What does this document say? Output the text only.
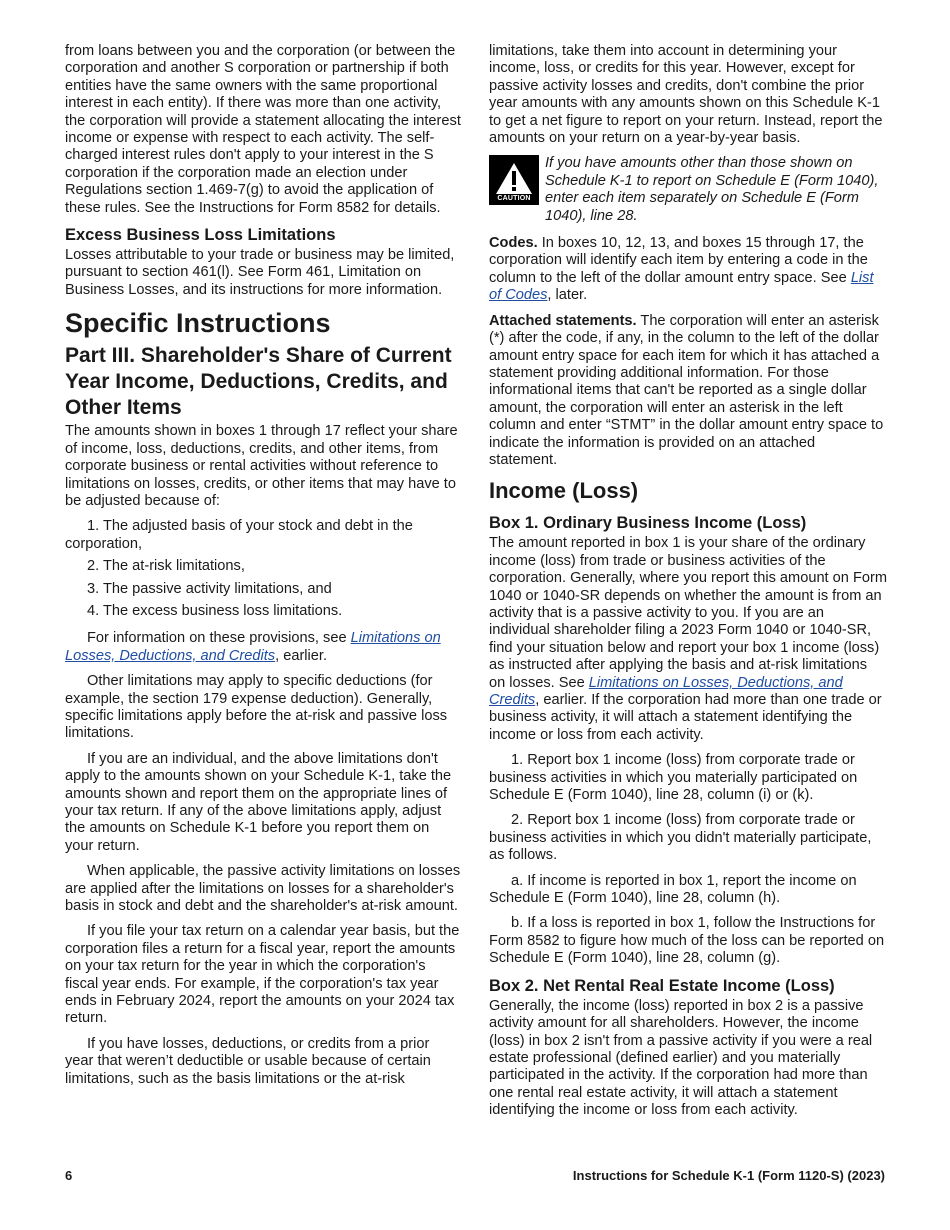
from loans between you and the corporation (or between the corporation and another S corporation or partnership if both entities have the same owners with the same proportional interest in each entity). If there was more than one activity, the corporation will provide a statement allocating the interest income or expense with respect to each activity. The self-charged interest rules don't apply to your interest in the S corporation if the corporation made an election under Regulations section 1.469-7(g) to avoid the application of these rules. See the Instructions for Form 8582 for details.

Excess Business Loss Limitations

Losses attributable to your trade or business may be limited, pursuant to section 461(l). See Form 461, Limitation on Business Losses, and its instructions for more information.

Specific Instructions
Part III. Shareholder's Share of Current Year Income, Deductions, Credits, and Other Items

The amounts shown in boxes 1 through 17 reflect your share of income, loss, deductions, credits, and other items, from corporate business or rental activities without reference to limitations on losses, credits, or other items that may have to be adjusted because of:

1. The adjusted basis of your stock and debt in the corporation,

2. The at-risk limitations,

3. The passive activity limitations, and

4. The excess business loss limitations.

For information on these provisions, see Limitations on Losses, Deductions, and Credits, earlier.

Other limitations may apply to specific deductions (for example, the section 179 expense deduction). Generally, specific limitations apply before the at-risk and passive loss limitations.

If you are an individual, and the above limitations don't apply to the amounts shown on your Schedule K-1, take the amounts shown and report them on the appropriate lines of your tax return. If any of the above limitations apply, adjust the amounts on Schedule K-1 before you report them on your return.

When applicable, the passive activity limitations on losses are applied after the limitations on losses for a shareholder's basis in stock and debt and the shareholder's at-risk amount.

If you file your tax return on a calendar year basis, but the corporation files a return for a fiscal year, report the amounts on your tax return for the year in which the corporation's fiscal year ends. For example, if the corporation's tax year ends in February 2024, report the amounts on your 2024 tax return.

If you have losses, deductions, or credits from a prior year that weren’t deductible or usable because of certain limitations, such as the basis limitations or the at-risk

limitations, take them into account in determining your income, loss, or credits for this year. However, except for passive activity losses and credits, don't combine the prior year amounts with any amounts shown on this Schedule K-1 to get a net figure to report on your return. Instead, report the amounts on your return on a year-by-year basis.

CAUTION
If you have amounts other than those shown on Schedule K-1 to report on Schedule E (Form 1040), enter each item separately on Schedule E (Form 1040), line 28.

Codes. In boxes 10, 12, 13, and boxes 15 through 17, the corporation will identify each item by entering a code in the column to the left of the dollar amount entry space. See List of Codes, later.

Attached statements. The corporation will enter an asterisk (*) after the code, if any, in the column to the left of the dollar amount entry space for each item for which it has attached a statement providing additional information. For those informational items that can't be reported as a single dollar amount, the corporation will enter an asterisk in the left column and enter “STMT” in the dollar amount entry space to indicate the information is provided on an attached statement.

Income (Loss)
Box 1. Ordinary Business Income (Loss)

The amount reported in box 1 is your share of the ordinary income (loss) from trade or business activities of the corporation. Generally, where you report this amount on Form 1040 or 1040-SR depends on whether the amount is from an activity that is a passive activity to you. If you are an individual shareholder filing a 2023 Form 1040 or 1040-SR, find your situation below and report your box 1 income (loss) as instructed after applying the basis and at-risk limitations on losses. See Limitations on Losses, Deductions, and Credits, earlier. If the corporation had more than one trade or business activity, it will attach a statement identifying the income or loss from each activity.

1. Report box 1 income (loss) from corporate trade or business activities in which you materially participated on Schedule E (Form 1040), line 28, column (i) or (k).

2. Report box 1 income (loss) from corporate trade or business activities in which you didn't materially participate, as follows.

a. If income is reported in box 1, report the income on Schedule E (Form 1040), line 28, column (h).

b. If a loss is reported in box 1, follow the Instructions for Form 8582 to figure how much of the loss can be reported on Schedule E (Form 1040), line 28, column (g).

Box 2. Net Rental Real Estate Income (Loss)

Generally, the income (loss) reported in box 2 is a passive activity amount for all shareholders. However, the income (loss) in box 2 isn't from a passive activity if you were a real estate professional (defined earlier) and you materially participated in the activity. If the corporation had more than one rental real estate activity, it will attach a statement identifying the income or loss from each activity.

6	Instructions for Schedule K-1 (Form 1120-S) (2023)
